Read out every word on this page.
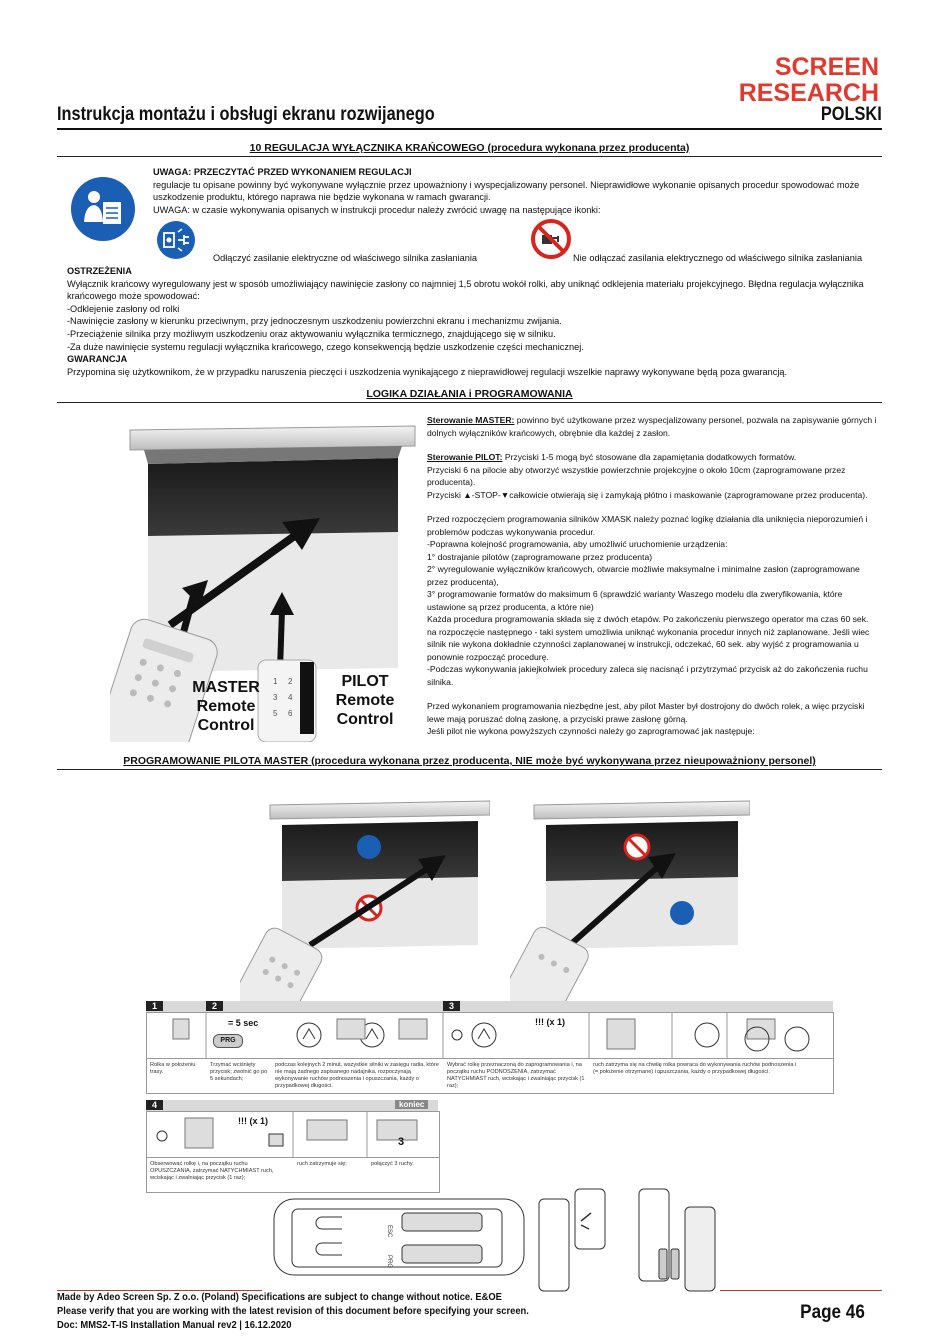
SCREEN
RESEARCH
Instrukcja montażu i obsługi ekranu rozwijanego	POLSKI
10 REGULACJA WYŁĄCZNIKA KRAŃCOWEGO (procedura wykonana przez producenta)
UWAGA: PRZECZYTAĆ PRZED WYKONANIEM REGULACJI
regulacje tu opisane powinny być wykonywane wyłącznie przez upoważniony i wyspecjalizowany personel. Nieprawidłowe wykonanie opisanych procedur spowodować może
uszkodzenie produktu, którego naprawa nie będzie wykonana w ramach gwarancji.
UWAGA: w czasie wykonywania opisanych w instrukcji procedur należy zwrócić uwagę na następujące ikonki:
Odłączyć zasilanie elektryczne od właściwego silnika zasłaniania	Nie odłączać zasilania elektrycznego od właściwego silnika zasłaniania
OSTRZEŻENIA
Wyłącznik krańcowy wyregulowany jest w sposób umożliwiający nawinięcie zasłony co najmniej 1,5 obrotu wokół rolki, aby uniknąć odklejenia materiału projekcyjnego. Błędna regulacja wyłącznika
krańcowego może spowodować:
-Odklejenie zasłony od rolki
-Nawinięcie zasłony w kierunku przeciwnym, przy jednoczesnym uszkodzeniu powierzchni ekranu i mechanizmu zwijania.
-Przeciążenie silnika przy możliwym uszkodzeniu oraz aktywowaniu wyłącznika termicznego, znajdującego się w silniku.
-Za duże nawinięcie systemu regulacji wyłącznika krańcowego, czego konsekwencją będzie uszkodzenie części mechanicznej.
GWARANCJA
Przypomina się użytkownikom, że w przypadku naruszenia pieczęci i uszkodzenia wynikającego z nieprawidłowej regulacji wszelkie naprawy wykonywane będą poza gwarancją.
LOGIKA DZIAŁANIA i PROGRAMOWANIA
1 2
3 4
5 6
MASTER
Remote
Control
PILOT
Remote
Control
Sterowanie MASTER: powinno być użytkowane przez wyspecjalizowany personel, pozwala na zapisywanie górnych i
dolnych wyłączników krańcowych, obrębnie dla każdej z zasłon.
Sterowanie PILOT: Przyciski 1-5 mogą być stosowane dla zapamiętania dodatkowych formatów.
Przyciski 6 na pilocie aby otworzyć wszystkie powierzchnie projekcyjne o około 10cm (zaprogramowane przez
producenta).
Przyciski ▲-STOP-▼całkowicie otwierają się i zamykają płótno i maskowanie (zaprogramowane przez producenta).
Przed rozpoczęciem programowania silników XMASK należy poznać logikę działania dla uniknięcia nieporozumień i
problemów podczas wykonywania procedur.
-Poprawna kolejność programowania, aby umożliwić uruchomienie urządzenia:
1° dostrajanie pilotów (zaprogramowane przez producenta)
2° wyregulowanie wyłączników krańcowych, otwarcie możliwie maksymalne i minimalne zasłon (zaprogramowane
przez producenta),
3° programowanie formatów do maksimum 6 (sprawdzić warianty Waszego modelu dla zweryfikowania, które
ustawione są przez producenta, a które nie)
Każda procedura programowania składa się z dwóch etapów. Po zakończeniu pierwszego operator ma czas 60 sek.
na rozpoczęcie następnego - taki system umożliwia uniknąć wykonania procedur innych niż zaplanowane. Jeśli wiec
silnik nie wykona dokładnie czynności zaplanowanej w instrukcji, odczekać, 60 sek. aby wyjść z programowania u
ponownie rozpocząć procedurę.
-Podczas wykonywania jakiejkolwiek procedury zaleca się nacisnąć i przytrzymać przycisk aż do zakończenia ruchu
silnika.
Przed wykonaniem programowania niezbędne jest, aby pilot Master był dostrojony do dwóch rolek, a więc przyciski
lewe mają poruszać dolną zasłonę, a przyciski prawe zasłonę górną.
Jeśli pilot nie wykona powyższych czynności należy go zaprogramować jak następuje:
PROGRAMOWANIE PILOTA MASTER (procedura wykonana przez producenta, NIE może być wykonywana przez nieupoważniony personel)
1	2	3
= 5 sec
PRG
!!! (x 1)
Rolka w położeniu trasy.
Trzymać wciśnięty przycisk; zwolnić go po 5 sekundach;
podczas kolejnych 2 minut, wszystkie silniki w zasięgu radia, które nie mają żadnego zapisanego nadajnika, rozpoczynają wykonywanie ruchów podnoszenia i opuszczania, każdy o przypadkowej długości.
Wybrać rolkę przeznaczoną do zaprogramowania i, na początku ruchu PODNOSZENIA, zatrzymać NATYCHMIAST ruch, wciskając i zwalniając przycisk (1 raz);
ruch zatrzyma się na chwilę (= położenie otrzymane) i ...
... rolka powraca do wykonywania ruchów podnoszenia i opuszczania, każdy o przypadkowej długości.
4	koniec
!!! (x 1)
3
Obserwować rolkę i, na początku ruchu OPUSZCZANIA, zatrzymać NATYCHMIAST ruch, wciskając i zwalniając przycisk (1 raz);
ruch zatrzymuje się;	połączyć 3 ruchy.
ESC
PRG
Made by Adeo Screen Sp. Z o.o. (Poland) Specifications are subject to change without notice. E&OE
Please verify that you are working with the latest revision of this document before specifying your screen.
Doc: MMS2-T-IS Installation Manual rev2 | 16.12.2020
Page 46
